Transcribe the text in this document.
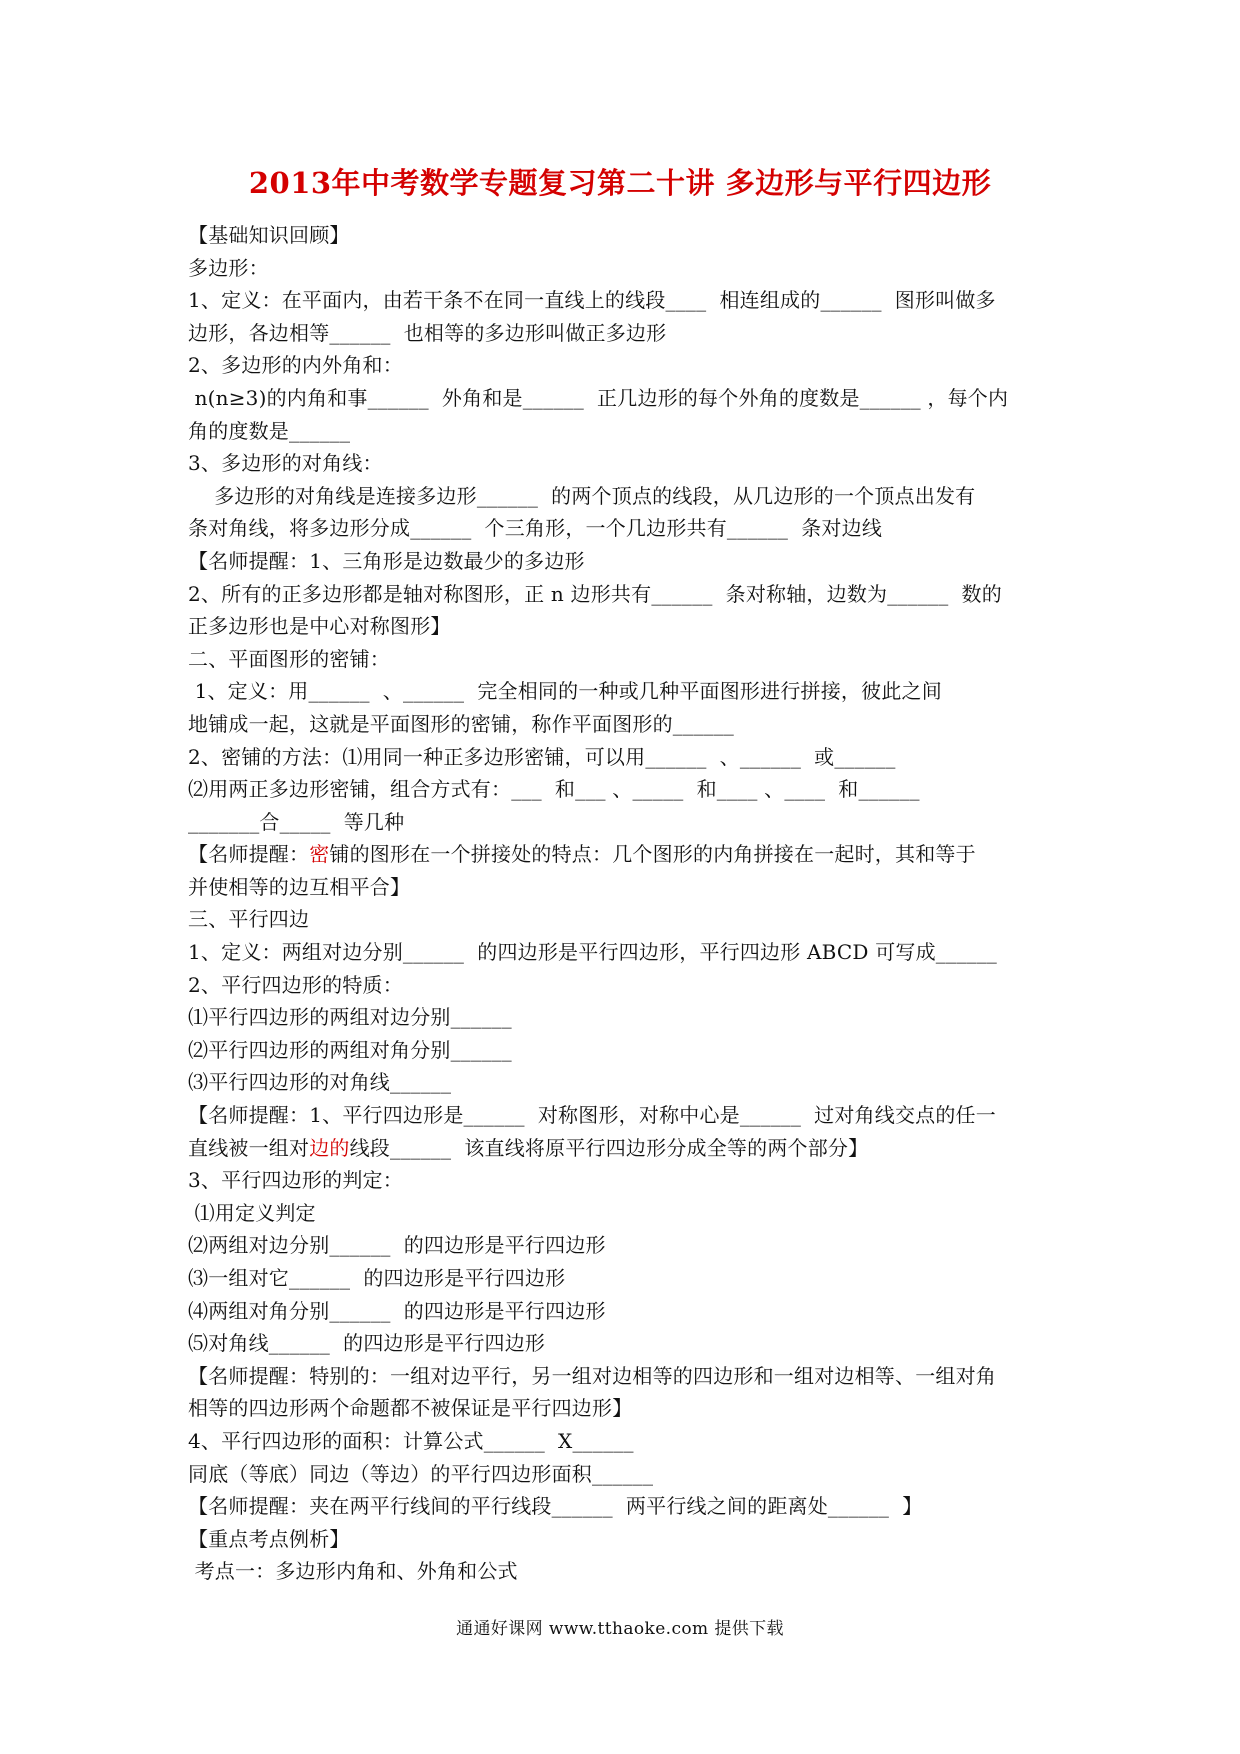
2013年中考数学专题复习第二十讲 多边形与平行四边形
【基础知识回顾】
多边形：
1、定义：在平面内，由若干条不在同一直线上的线段____  相连组成的______  图形叫做多
边形，各边相等______  也相等的多边形叫做正多边形
2、多边形的内外角和：
n(n≥3)的内角和事______  外角和是______  正几边形的每个外角的度数是______ ，每个内
角的度数是______
3、多边形的对角线：
多边形的对角线是连接多边形______  的两个顶点的线段，从几边形的一个顶点出发有
条对角线，将多边形分成______  个三角形，一个几边形共有______  条对边线
【名师提醒：1、三角形是边数最少的多边形
2、所有的正多边形都是轴对称图形，正 n 边形共有______  条对称轴，边数为______  数的
正多边形也是中心对称图形】
二、平面图形的密铺：
1、定义：用______  、______  完全相同的一种或几种平面图形进行拼接，彼此之间
地铺成一起，这就是平面图形的密铺，称作平面图形的______
2、密铺的方法：⑴用同一种正多边形密铺，可以用______  、______  或______
⑵用两正多边形密铺，组合方式有：___  和___ 、_____  和____ 、____  和______
_______合_____  等几种
【名师提醒：密铺的图形在一个拼接处的特点：几个图形的内角拼接在一起时，其和等于
并使相等的边互相平合】
三、平行四边
1、定义：两组对边分别______  的四边形是平行四边形，平行四边形 ABCD 可写成______
2、平行四边形的特质：
⑴平行四边形的两组对边分别______
⑵平行四边形的两组对角分别______
⑶平行四边形的对角线______
【名师提醒：1、平行四边形是______  对称图形，对称中心是______  过对角线交点的任一
直线被一组对边的线段______  该直线将原平行四边形分成全等的两个部分】
3、平行四边形的判定：
⑴用定义判定
⑵两组对边分别______  的四边形是平行四边形
⑶一组对它______  的四边形是平行四边形
⑷两组对角分别______  的四边形是平行四边形
⑸对角线______  的四边形是平行四边形
【名师提醒：特别的：一组对边平行，另一组对边相等的四边形和一组对边相等、一组对角
相等的四边形两个命题都不被保证是平行四边形】
4、平行四边形的面积：计算公式______  X______
同底（等底）同边（等边）的平行四边形面积______
【名师提醒：夹在两平行线间的平行线段______  两平行线之间的距离处______  】
【重点考点例析】
考点一：多边形内角和、外角和公式
通通好课网 www.tthaoke.com 提供下载
